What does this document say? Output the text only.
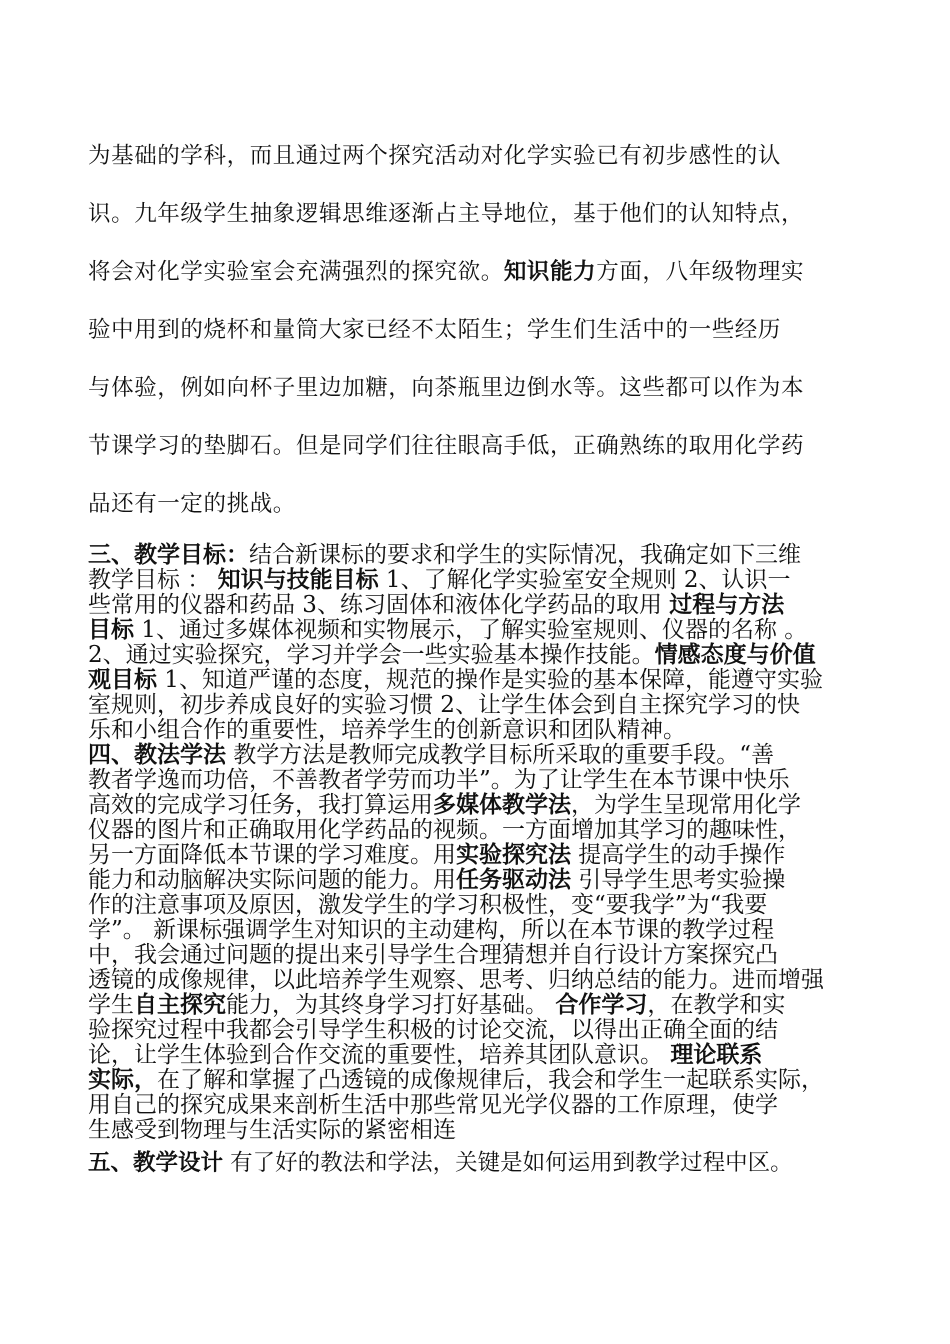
为基础的学科，而且通过两个探究活动对化学实验已有初步感性的认
识。九年级学生抽象逻辑思维逐渐占主导地位，基于他们的认知特点，
将会对化学实验室会充满强烈的探究欲。知识能力方面，八年级物理实
验中用到的烧杯和量筒大家已经不太陌生；学生们生活中的一些经历
与体验，例如向杯子里边加糖，向茶瓶里边倒水等。这些都可以作为本
节课学习的垫脚石。但是同学们往往眼高手低，正确熟练的取用化学药
品还有一定的挑战。
三、教学目标：结合新课标的要求和学生的实际情况，我确定如下三维
教学目标 ： 知识与技能目标 1、了解化学实验室安全规则 2、认识一
些常用的仪器和药品 3、练习固体和液体化学药品的取用 过程与方法
目标 1、通过多媒体视频和实物展示，了解实验室规则、仪器的名称 。
2、通过实验探究，学习并学会一些实验基本操作技能。情感态度与价值
观目标 1、知道严谨的态度，规范的操作是实验的基本保障，能遵守实验
室规则，初步养成良好的实验习惯 2、让学生体会到自主探究学习的快
乐和小组合作的重要性，培养学生的创新意识和团队精神。
四、教法学法 教学方法是教师完成教学目标所采取的重要手段。“善
教者学逸而功倍，不善教者学劳而功半”。为了让学生在本节课中快乐
高效的完成学习任务，我打算运用多媒体教学法，为学生呈现常用化学
仪器的图片和正确取用化学药品的视频。一方面增加其学习的趣味性，
另一方面降低本节课的学习难度。用实验探究法 提高学生的动手操作
能力和动脑解决实际问题的能力。用任务驱动法 引导学生思考实验操
作的注意事项及原因，激发学生的学习积极性，变“要我学”为“我要
学”。 新课标强调学生对知识的主动建构，所以在本节课的教学过程
中，我会通过问题的提出来引导学生合理猜想并自行设计方案探究凸
透镜的成像规律，以此培养学生观察、思考、归纳总结的能力。进而增强
学生自主探究能力，为其终身学习打好基础。 合作学习，在教学和实
验探究过程中我都会引导学生积极的讨论交流，以得出正确全面的结
论，让学生体验到合作交流的重要性，培养其团队意识。 理论联系
实际，在了解和掌握了凸透镜的成像规律后，我会和学生一起联系实际，
用自己的探究成果来剖析生活中那些常见光学仪器的工作原理，使学
生感受到物理与生活实际的紧密相连
五、教学设计 有了好的教法和学法，关键是如何运用到教学过程中区。
